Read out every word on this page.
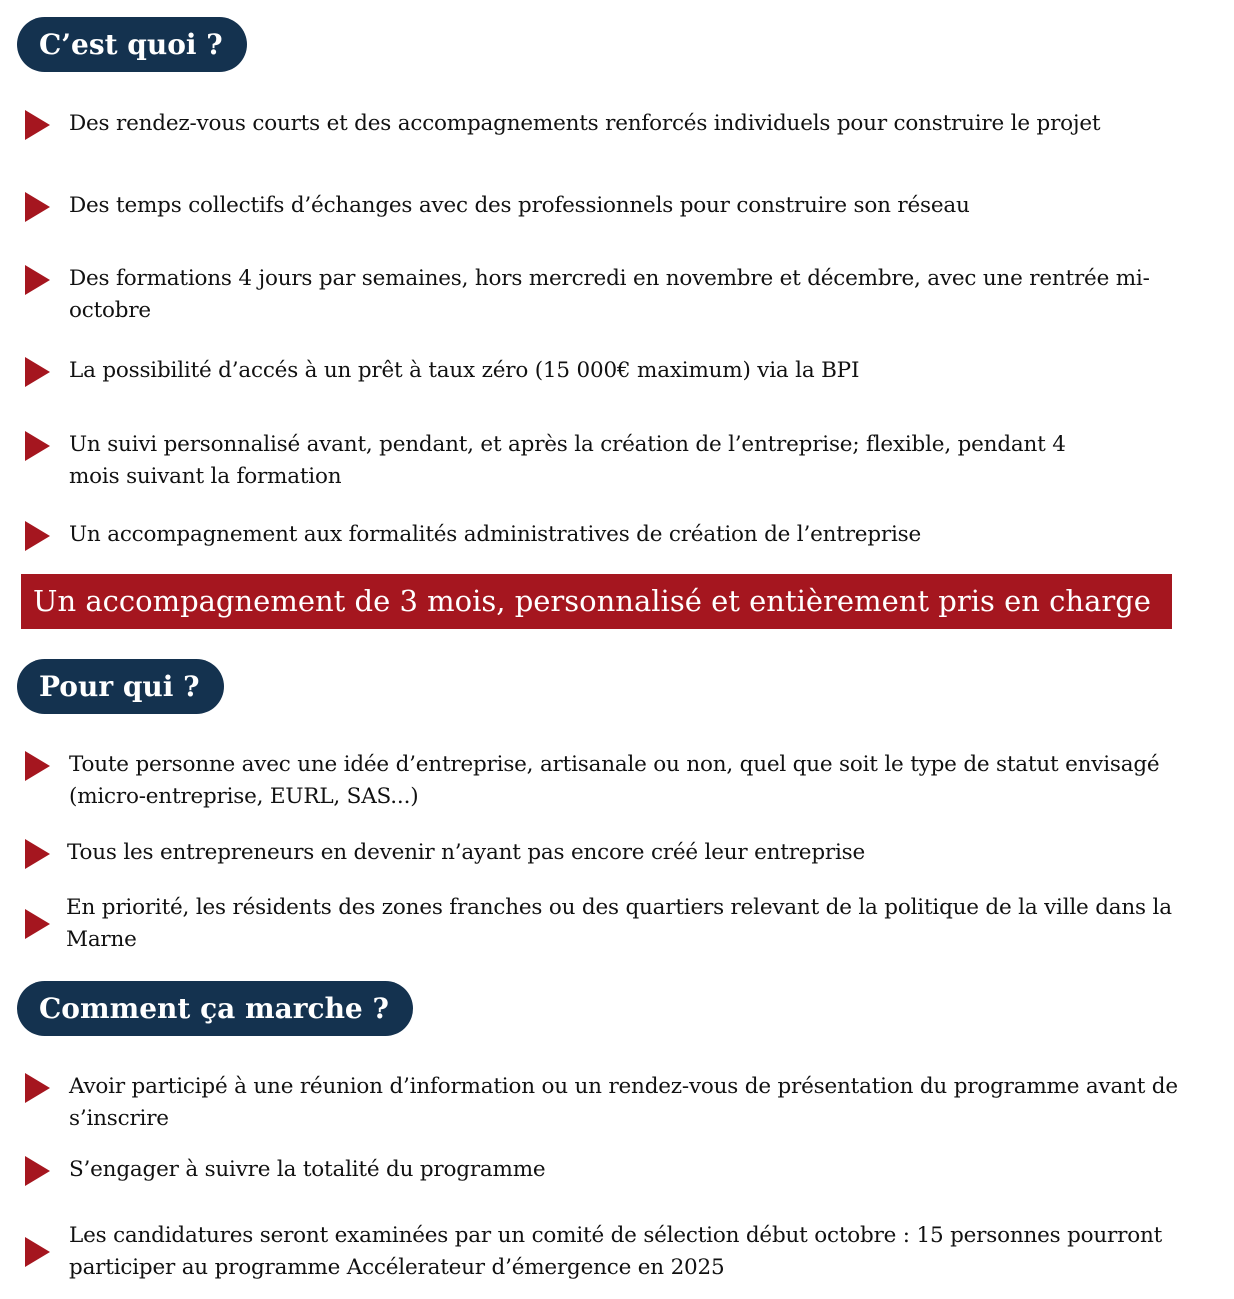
C’est quoi ?
Des rendez-vous courts et des accompagnements renforcés individuels pour construire le projet
Des temps collectifs d’échanges avec des professionnels pour construire son réseau
Des formations 4 jours par semaines, hors mercredi en novembre et décembre, avec une rentrée mi-octobre
La possibilité d’accés à un prêt à taux zéro (15 000€ maximum) via la BPI
Un suivi personnalisé avant, pendant, et après la création de l’entreprise; flexible, pendant 4 mois suivant la formation
Un accompagnement aux formalités administratives de création de l’entreprise
Un accompagnement de 3 mois, personnalisé et entièrement pris en charge
Pour qui ?
Toute personne avec une idée d’entreprise, artisanale ou non, quel que soit le type de statut envisagé (micro-entreprise, EURL, SAS...)
Tous les entrepreneurs en devenir n’ayant pas encore créé leur entreprise
En priorité, les résidents des zones franches ou des quartiers relevant de la politique de la ville dans la Marne
Comment ça marche ?
Avoir participé à une réunion d’information ou un rendez-vous de présentation du programme avant de s’inscrire
S’engager à suivre la totalité du programme
Les candidatures seront examinées par un comité de sélection début octobre : 15 personnes pourront participer au programme Accélerateur d’émergence en 2025
